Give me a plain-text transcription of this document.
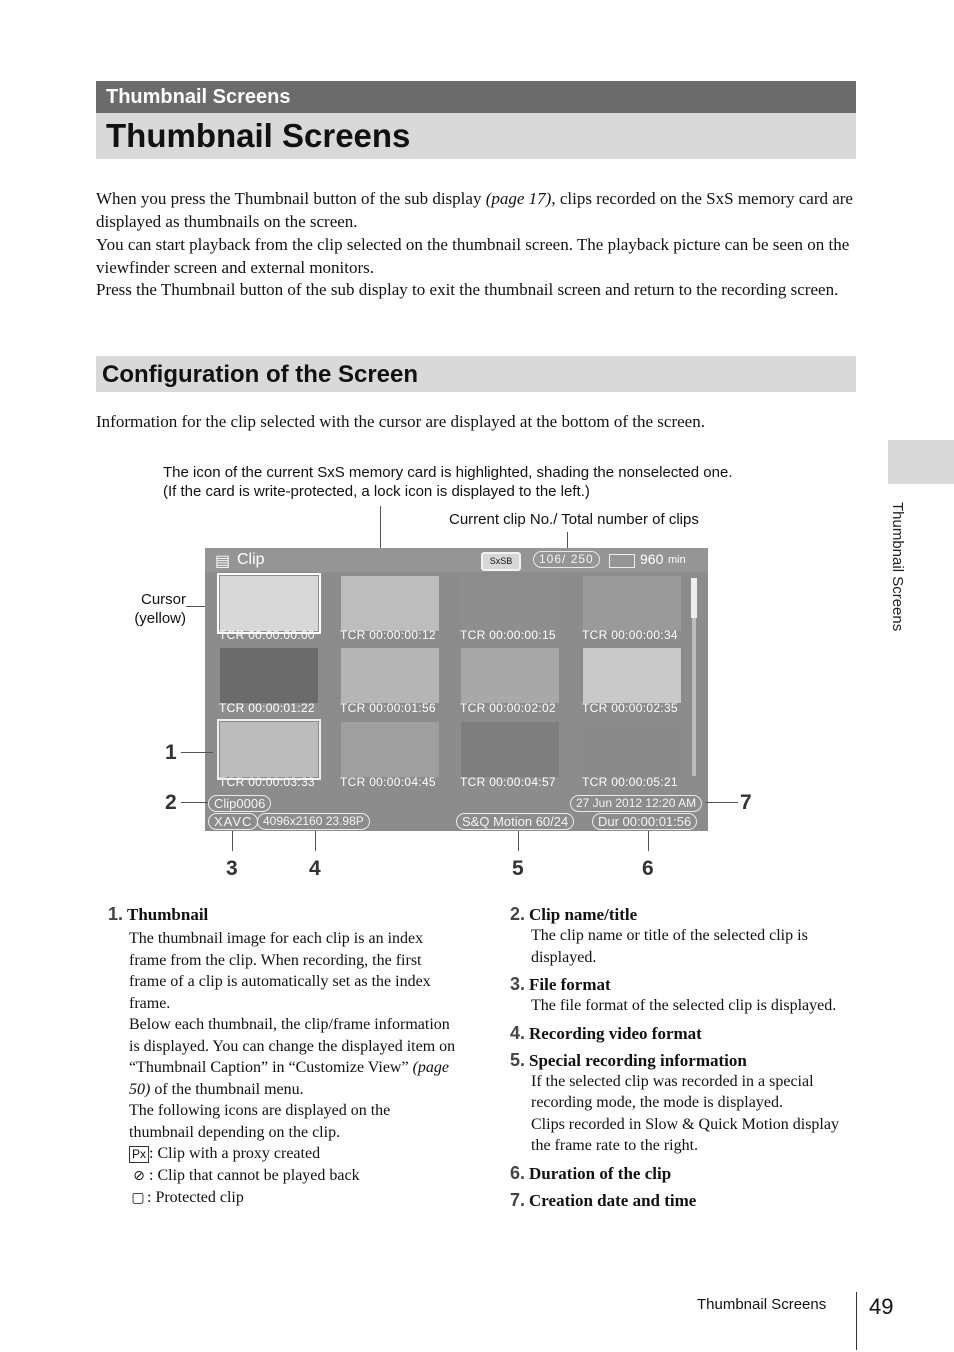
Thumbnail Screens
Thumbnail Screens
When you press the Thumbnail button of the sub display (page 17), clips recorded on the SxS memory card are displayed as thumbnails on the screen.
You can start playback from the clip selected on the thumbnail screen. The playback picture can be seen on the viewfinder screen and external monitors.
Press the Thumbnail button of the sub display to exit the thumbnail screen and return to the recording screen.
Configuration of the Screen
Information for the clip selected with the cursor are displayed at the bottom of the screen.
Thumbnail Screens
The icon of the current SxS memory card is highlighted, shading the nonselected one. (If the card is write-protected, a lock icon is displayed to the left.)
Current clip No./ Total number of clips
Cursor
(yellow)
▤ Clip	SxSB	106/ 250	960 min
TCR 00:00:00:00 TCR 00:00:00:12 TCR 00:00:00:15 TCR 00:00:00:34
TCR 00:00:01:22 TCR 00:00:01:56 TCR 00:00:02:02 TCR 00:00:02:35
TCR 00:00:03:33 TCR 00:00:04:45 TCR 00:00:04:57 TCR 00:00:05:21
Clip0006	27 Jun 2012 12:20 AM
XAVC 4096x2160 23.98P	S&Q Motion 60/24	Dur 00:00:01:56
1
2	7
3	4	5	6
1. Thumbnail
The thumbnail image for each clip is an index frame from the clip. When recording, the first frame of a clip is automatically set as the index frame.
Below each thumbnail, the clip/frame information is displayed. You can change the displayed item on “Thumbnail Caption” in “Customize View” (page 50) of the thumbnail menu.
The following icons are displayed on the thumbnail depending on the clip.
Px : Clip with a proxy created
⊘ : Clip that cannot be played back
▢ : Protected clip
2. Clip name/title
The clip name or title of the selected clip is displayed.
3. File format
The file format of the selected clip is displayed.
4. Recording video format
5. Special recording information
If the selected clip was recorded in a special recording mode, the mode is displayed.
Clips recorded in Slow & Quick Motion display the frame rate to the right.
6. Duration of the clip
7. Creation date and time
Thumbnail Screens 49
